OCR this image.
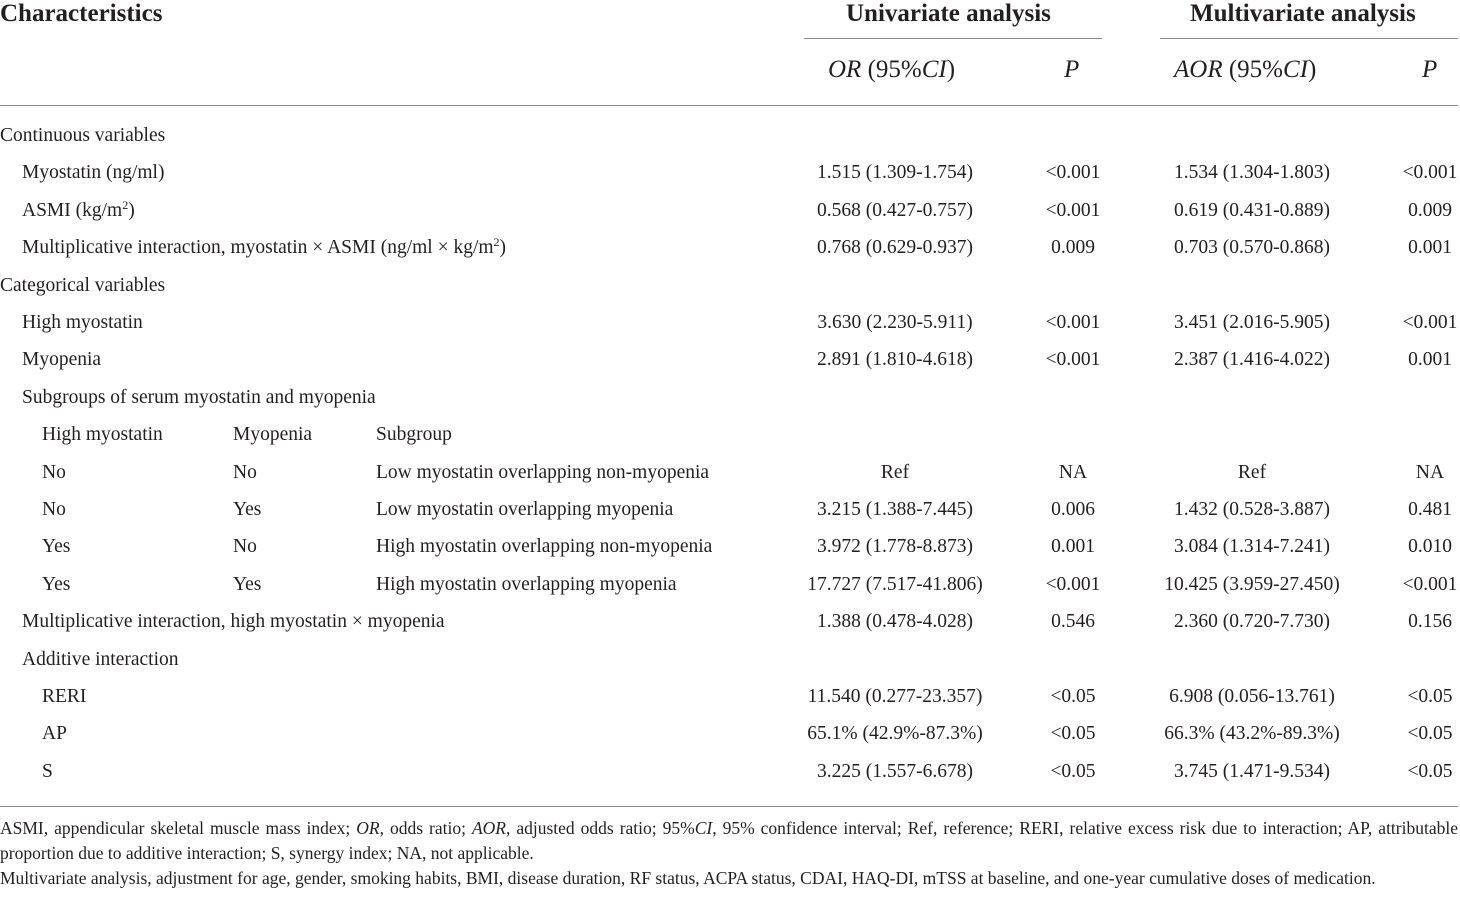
Characteristics	Univariate analysis	Multivariate analysis
OR (95%CI)	P	AOR (95%CI)	P
Continuous variables
Myostatin (ng/ml)	1.515 (1.309-1.754)	<0.001	1.534 (1.304-1.803)	<0.001
ASMI $(kg/m^2)$	0.568 (0.427-0.757)	<0.001	0.619 (0.431-0.889)	0.009
Multiplicative interaction, myostatin × ASMI $(ng/ml \times kg/m^2)$	0.768 (0.629-0.937)	0.009	0.703 (0.570-0.868)	0.001
Categorical variables
High myostatin	3.630 (2.230-5.911)	<0.001	3.451 (2.016-5.905)	<0.001
Myopenia	2.891 (1.810-4.618)	<0.001	2.387 (1.416-4.022)	0.001
Subgroups of serum myostatin and myopenia
High myostatin	Myopenia	Subgroup
No	No	Low myostatin overlapping non-myopenia	Ref	NA	Ref	NA
No	Yes	Low myostatin overlapping myopenia	3.215 (1.388-7.445)	0.006	1.432 (0.528-3.887)	0.481
Yes	No	High myostatin overlapping non-myopenia	3.972 (1.778-8.873)	0.001	3.084 (1.314-7.241)	0.010
Yes	Yes	High myostatin overlapping myopenia	17.727 (7.517-41.806)	<0.001	10.425 (3.959-27.450)	<0.001
Multiplicative interaction, high myostatin × myopenia	1.388 (0.478-4.028)	0.546	2.360 (0.720-7.730)	0.156
Additive interaction
RERI	11.540 (0.277-23.357)	<0.05	6.908 (0.056-13.761)	<0.05
AP	65.1% (42.9%-87.3%)	<0.05	66.3% (43.2%-89.3%)	<0.05
S	3.225 (1.557-6.678)	<0.05	3.745 (1.471-9.534)	<0.05
ASMI, appendicular skeletal muscle mass index; OR, odds ratio; AOR, adjusted odds ratio; 95%CI, 95% confidence interval; Ref, reference; RERI, relative excess risk due to interaction; AP, attributable proportion due to additive interaction; S, synergy index; NA, not applicable.
Multivariate analysis, adjustment for age, gender, smoking habits, BMI, disease duration, RF status, ACPA status, CDAI, HAQ-DI, mTSS at baseline, and one-year cumulative doses of medication.
